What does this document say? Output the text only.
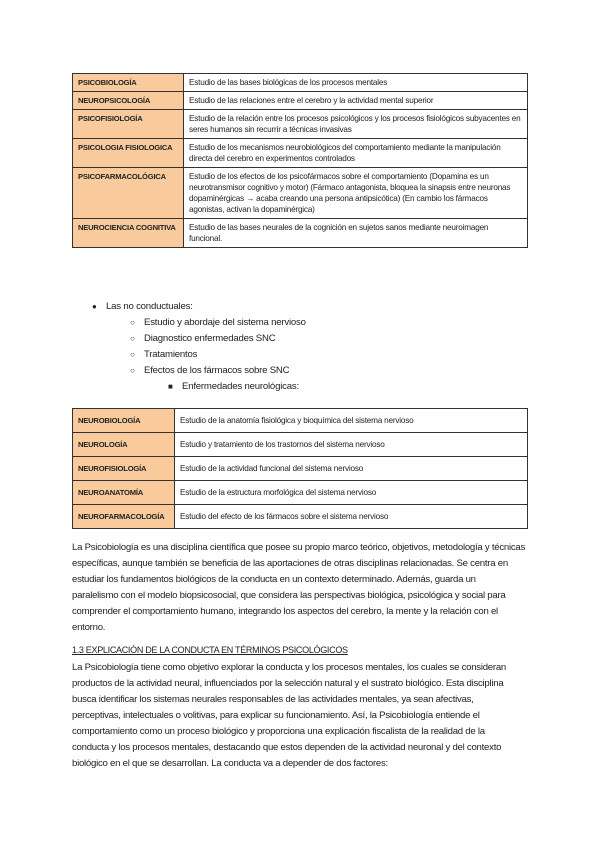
PSICOBIOLOGÍA	Estudio de las bases biológicas de los procesos mentales
NEUROPSICOLOGÍA	Estudio de las relaciones entre el cerebro y la actividad mental superior
PSICOFISIOLOGÍA	Estudio de la relación entre los procesos psicológicos y los procesos fisiológicos subyacentes en seres humanos sin recurrir a técnicas invasivas
PSICOLOGIA FISIOLOGICA	Estudio de los mecanismos neurobiológicos del comportamiento mediante la manipulación directa del cerebro en experimentos controlados
PSICOFARMACOLÓGICA	Estudio de los efectos de los psicofármacos sobre el comportamiento (Dopamina es un neurotransmisor cognitivo y motor) (Fármaco antagonista, bloquea la sinapsis entre neuronas dopaminérgicas → acaba creando una persona antipsicótica) (En cambio los fármacos agonistas, activan la dopaminérgica)
NEUROCIENCIA COGNITIVA	Estudio de las bases neurales de la cognición en sujetos sanos mediante neuroimagen funcional.
● Las no conductuales:
○ Estudio y abordaje del sistema nervioso
○ Diagnostico enfermedades SNC
○ Tratamientos
○ Efectos de los fármacos sobre SNC
■ Enfermedades neurológicas:
NEUROBIOLOGÍA	Estudio de la anatomía fisiológica y bioquímica del sistema nervioso
NEUROLOGÍA	Estudio y tratamiento de los trastornos del sistema nervioso
NEUROFISIOLOGÍA	Estudio de la actividad funcional del sistema nervioso
NEUROANATOMÍA	Estudio de la estructura morfológica del sistema nervioso
NEUROFARMACOLOGÍA	Estudio del efecto de los fármacos sobre el sistema nervioso
La Psicobiología es una disciplina científica que posee su propio marco teórico, objetivos, metodología y técnicas
específicas, aunque también se beneficia de las aportaciones de otras disciplinas relacionadas. Se centra en
estudiar los fundamentos biológicos de la conducta en un contexto determinado. Además, guarda un
paralelismo con el modelo biopsicosocial, que considera las perspectivas biológica, psicológica y social para
comprender el comportamiento humano, integrando los aspectos del cerebro, la mente y la relación con el
entorno.
1.3 EXPLICACIÓN DE LA CONDUCTA EN TÉRMINOS PSICOLÓGICOS
La Psicobiología tiene como objetivo explorar la conducta y los procesos mentales, los cuales se consideran
productos de la actividad neural, influenciados por la selección natural y el sustrato biológico. Esta disciplina
busca identificar los sistemas neurales responsables de las actividades mentales, ya sean afectivas,
perceptivas, intelectuales o volitivas, para explicar su funcionamiento. Así, la Psicobiología entiende el
comportamiento como un proceso biológico y proporciona una explicación fiscalista de la realidad de la
conducta y los procesos mentales, destacando que estos dependen de la actividad neuronal y del contexto
biológico en el que se desarrollan. La conducta va a depender de dos factores:
